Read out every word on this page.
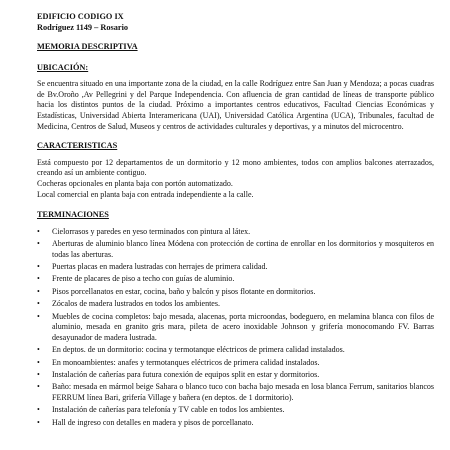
EDIFICIO CODIGO IX
Rodríguez 1149 – Rosario
MEMORIA DESCRIPTIVA
UBICACIÓN:

Se encuentra situado en una importante zona de la ciudad, en la calle Rodríguez entre San Juan y Mendoza; a pocas cuadras de Bv.Oroño ,Av Pellegrini y del Parque Independencia. Con afluencia de gran cantidad de líneas de transporte público hacia los distintos puntos de la ciudad. Próximo a importantes centros educativos, Facultad Ciencias Económicas y Estadísticas, Universidad Abierta Interamericana (UAI), Universidad Católica Argentina (UCA), Tribunales, facultad de Medicina, Centros de Salud, Museos y centros de actividades culturales y deportivas, y a minutos del microcentro.

CARACTERISTICAS

Está compuesto por 12 departamentos de un dormitorio y 12 mono ambientes, todos con amplios balcones aterrazados, creando así un ambiente contiguo.

Cocheras opcionales en planta baja con portón automatizado.

Local comercial en planta baja con entrada independiente a la calle.

TERMINACIONES
• Cielorrasos y paredes en yeso terminados con pintura al látex.
• Aberturas de aluminio blanco línea Módena con protección de cortina de enrollar en los dormitorios y mosquiteros en todas las aberturas.
• Puertas placas en madera lustradas con herrajes de primera calidad.
• Frente de placares de piso a techo con guías de aluminio.
• Pisos porcellanatos en estar, cocina, baño y balcón y pisos flotante en dormitorios.
• Zócalos de madera lustrados en todos los ambientes.
• Muebles de cocina completos: bajo mesada, alacenas, porta microondas, bodeguero, en melamina blanca con filos de aluminio, mesada en granito gris mara, pileta de acero inoxidable Johnson y grifería monocomando FV. Barras desayunador de madera lustrada.
• En deptos. de un dormitorio: cocina y termotanque eléctricos de primera calidad instalados.
• En monoambientes: anafes y termotanques eléctricos de primera calidad instalados.
• Instalación de cañerías para futura conexión de equipos split en estar y dormitorios.
• Baño: mesada en mármol beige Sahara o blanco tuco con bacha bajo mesada en losa blanca Ferrum, sanitarios blancos FERRUM línea Bari, grifería Village y bañera (en deptos. de 1 dormitorio).
• Instalación de cañerías para telefonía y TV cable en todos los ambientes.
• Hall de ingreso con detalles en madera y pisos de porcellanato.
